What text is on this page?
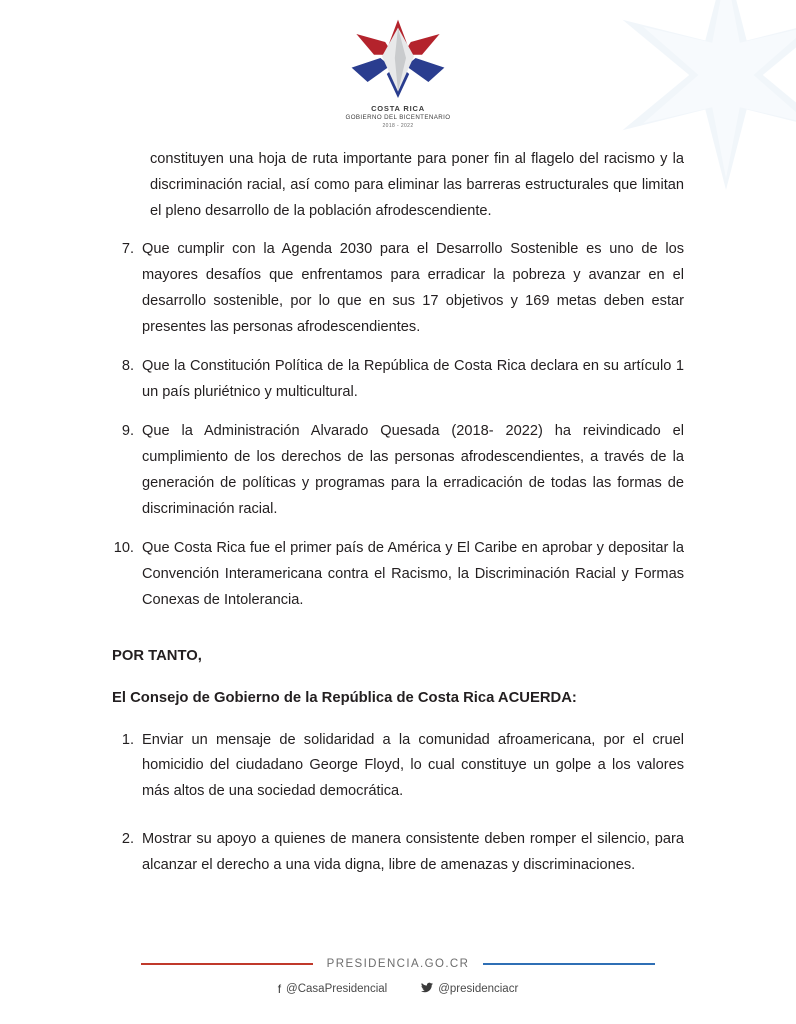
COSTA RICA
GOBIERNO DEL BICENTENARIO
2018 - 2022

constituyen una hoja de ruta importante para poner fin al flagelo del racismo y la discriminación racial, así como para eliminar las barreras estructurales que limitan el pleno desarrollo de la población afrodescendiente.

7. Que cumplir con la Agenda 2030 para el Desarrollo Sostenible es uno de los mayores desafíos que enfrentamos para erradicar la pobreza y avanzar en el desarrollo sostenible, por lo que en sus 17 objetivos y 169 metas deben estar presentes las personas afrodescendientes.
8. Que la Constitución Política de la República de Costa Rica declara en su artículo 1 un país pluriétnico y multicultural.
9. Que la Administración Alvarado Quesada (2018- 2022) ha reivindicado el cumplimiento de los derechos de las personas afrodescendientes, a través de la generación de políticas y programas para la erradicación de todas las formas de discriminación racial.
10. Que Costa Rica fue el primer país de América y El Caribe en aprobar y depositar la Convención Interamericana contra el Racismo, la Discriminación Racial y Formas Conexas de Intolerancia.

POR TANTO,

El Consejo de Gobierno de la República de Costa Rica ACUERDA:

1. Enviar un mensaje de solidaridad a la comunidad afroamericana, por el cruel homicidio del ciudadano George Floyd, lo cual constituye un golpe a los valores más altos de una sociedad democrática.
2. Mostrar su apoyo a quienes de manera consistente deben romper el silencio, para alcanzar el derecho a una vida digna, libre de amenazas y discriminaciones.
PRESIDENCIA.GO.CR
f @CasaPresidencial	@presidenciacr
